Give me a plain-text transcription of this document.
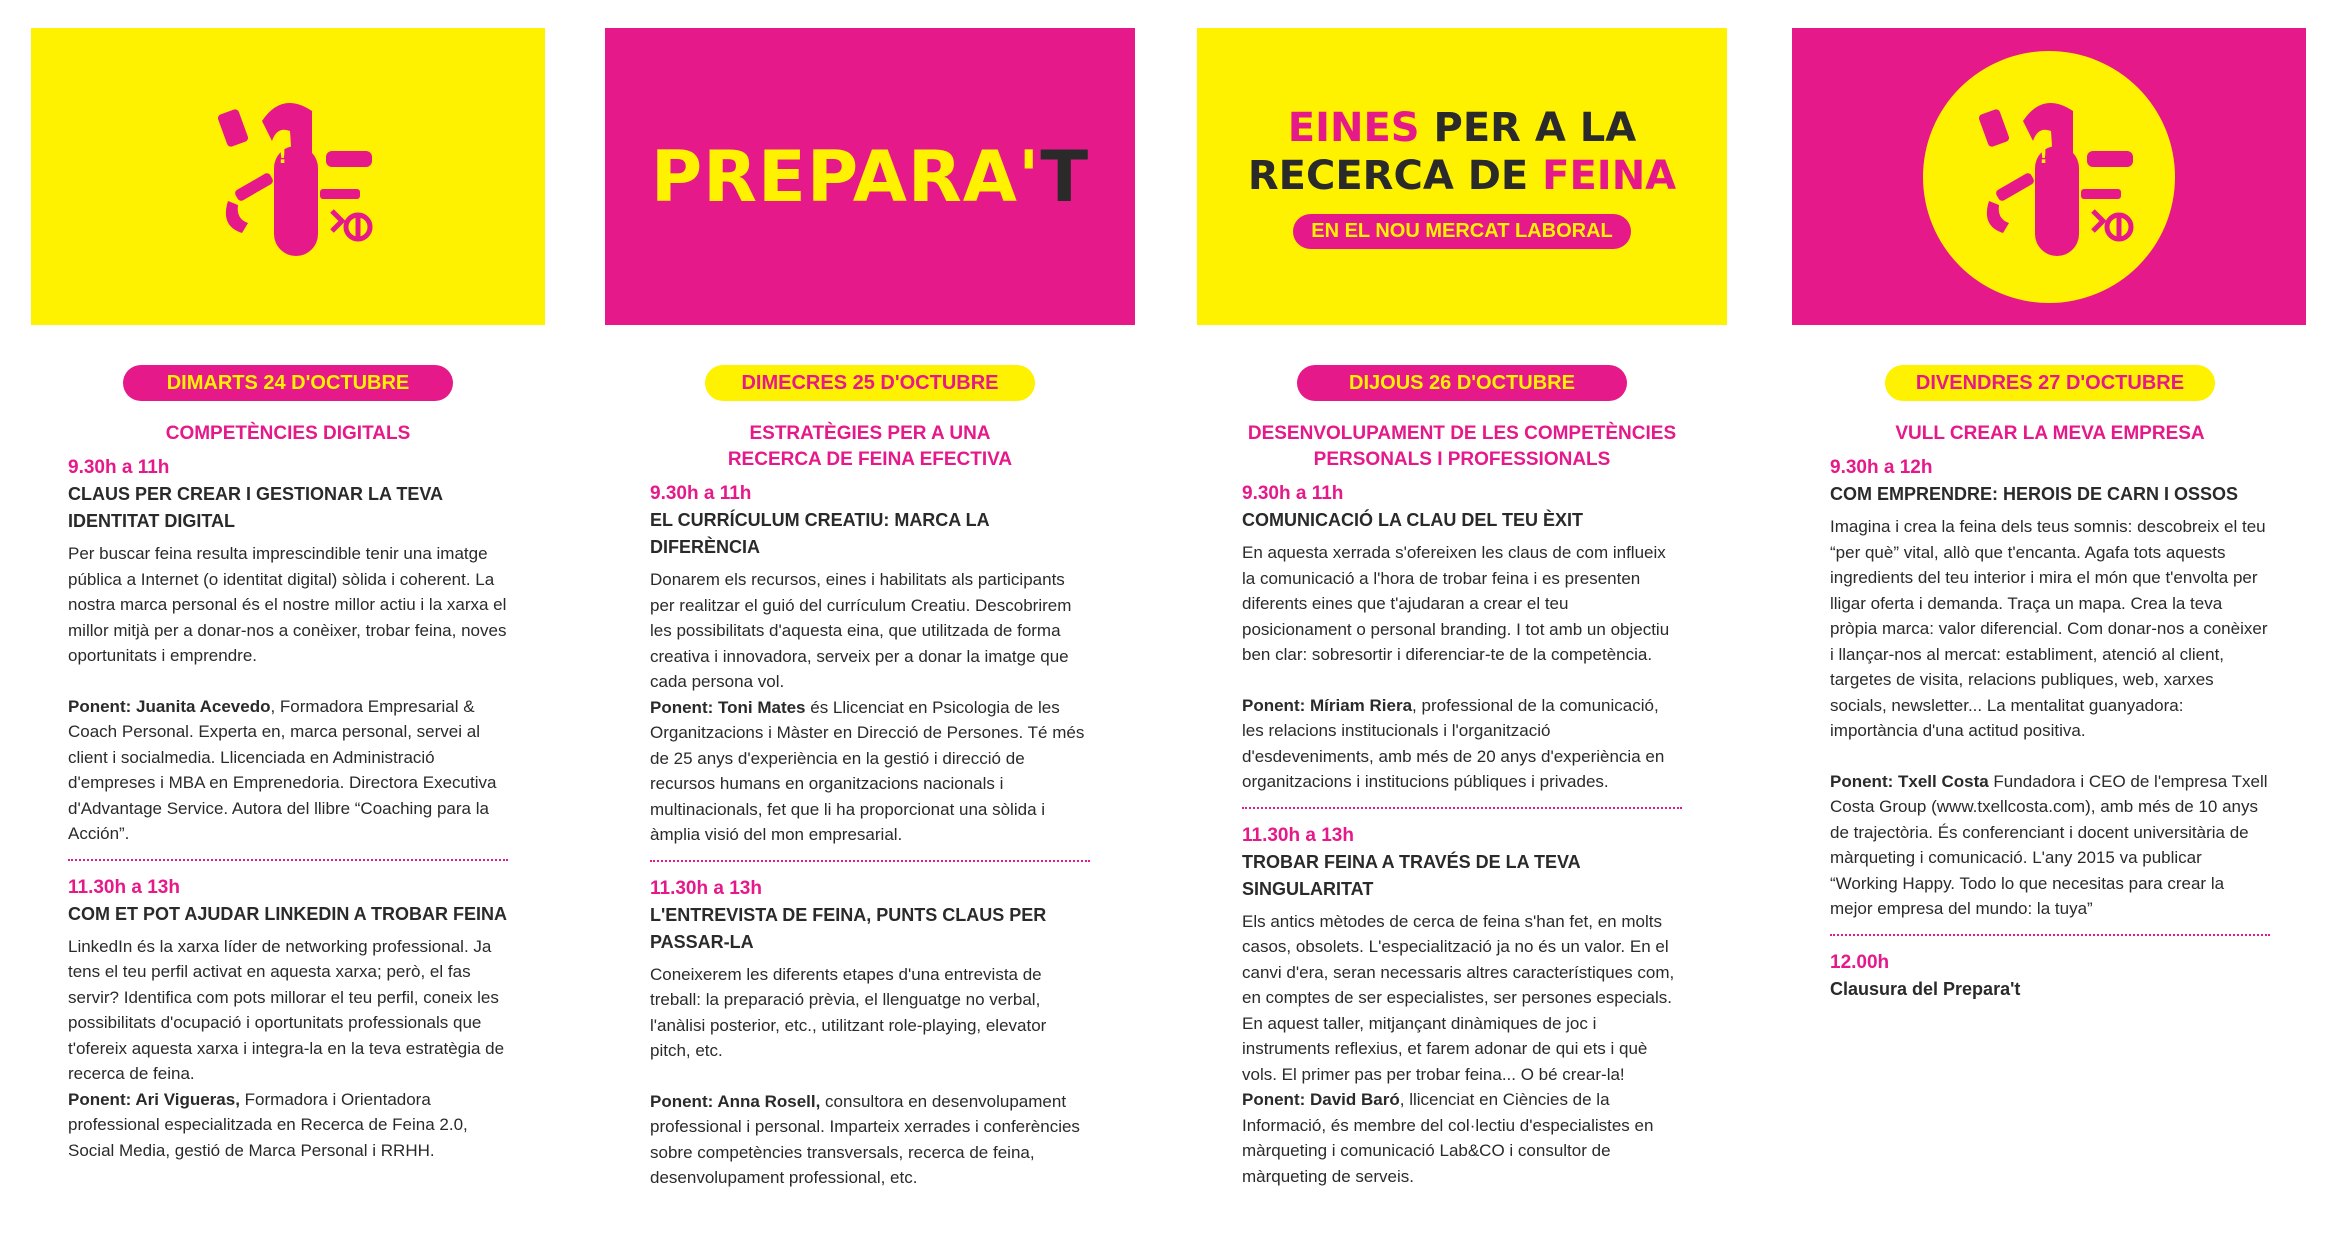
!	PREPARA'T
EINES PER A LA
RECERCA DE FEINA
EN EL NOU MERCAT LABORAL
!
DIMARTS 24 D'OCTUBRE
COMPETÈNCIES DIGITALS
9.30h a 11h
CLAUS PER CREAR I GESTIONAR LA TEVA IDENTITAT DIGITAL
Per buscar feina resulta imprescindible tenir una imatge pública a Internet (o identitat digital) sòlida i coherent. La nostra marca personal és el nostre millor actiu i la xarxa el millor mitjà per a donar-nos a conèixer, trobar feina, noves oportunitats i emprendre.
Ponent: Juanita Acevedo, Formadora Empresarial & Coach Personal. Experta en, marca personal, servei al client i socialmedia. Llicenciada en Administració d'empreses i MBA en Emprenedoria. Directora Executiva d'Advantage Service. Autora del llibre “Coaching para la Acción”.
11.30h a 13h
COM ET POT AJUDAR LINKEDIN A TROBAR FEINA
LinkedIn és la xarxa líder de networking professional. Ja tens el teu perfil activat en aquesta xarxa; però, el fas servir? Identifica com pots millorar el teu perfil, coneix les possibilitats d'ocupació i oportunitats professionals que t'ofereix aquesta xarxa i integra-la en la teva estratègia de recerca de feina.
Ponent: Ari Vigueras, Formadora i Orientadora professional especialitzada en Recerca de Feina 2.0, Social Media, gestió de Marca Personal i RRHH.
DIMECRES 25 D'OCTUBRE
ESTRATÈGIES PER A UNA RECERCA DE FEINA EFECTIVA
9.30h a 11h
EL CURRÍCULUM CREATIU: MARCA LA DIFERÈNCIA
Donarem els recursos, eines i habilitats als participants per realitzar el guió del currículum Creatiu. Descobrirem les possibilitats d'aquesta eina, que utilitzada de forma creativa i innovadora, serveix per a donar la imatge que cada persona vol.
Ponent: Toni Mates és Llicenciat en Psicologia de les Organitzacions i Màster en Direcció de Persones. Té més de 25 anys d'experiència en la gestió i direcció de recursos humans en organitzacions nacionals i multinacionals, fet que li ha proporcionat una sòlida i àmplia visió del mon empresarial.
11.30h a 13h
L'ENTREVISTA DE FEINA, PUNTS CLAUS PER PASSAR-LA
Coneixerem les diferents etapes d'una entrevista de treball: la preparació prèvia, el llenguatge no verbal, l'anàlisi posterior, etc., utilitzant role-playing, elevator pitch, etc.
Ponent: Anna Rosell, consultora en desenvolupament professional i personal. Imparteix xerrades i conferències sobre competències transversals, recerca de feina, desenvolupament professional, etc.
DIJOUS 26 D'OCTUBRE
DESENVOLUPAMENT DE LES COMPETÈNCIES PERSONALS I PROFESSIONALS
9.30h a 11h
COMUNICACIÓ LA CLAU DEL TEU ÈXIT
En aquesta xerrada s'ofereixen les claus de com influeix la comunicació a l'hora de trobar feina i es presenten diferents eines que t'ajudaran a crear el teu posicionament o personal branding. I tot amb un objectiu ben clar: sobresortir i diferenciar-te de la competència.
Ponent: Míriam Riera, professional de la comunicació, les relacions institucionals i l'organització d'esdeveniments, amb més de 20 anys d'experiència en organitzacions i institucions públiques i privades.
11.30h a 13h
TROBAR FEINA A TRAVÉS DE LA TEVA SINGULARITAT
Els antics mètodes de cerca de feina s'han fet, en molts casos, obsolets. L'especialització ja no és un valor. En el canvi d'era, seran necessaris altres característiques com, en comptes de ser especialistes, ser persones especials. En aquest taller, mitjançant dinàmiques de joc i instruments reflexius, et farem adonar de qui ets i què vols. El primer pas per trobar feina... O bé crear-la!
Ponent: David Baró, llicenciat en Ciències de la Informació, és membre del col·lectiu d'especialistes en màrqueting i comunicació Lab&CO i consultor de màrqueting de serveis.
DIVENDRES 27 D'OCTUBRE
VULL CREAR LA MEVA EMPRESA
9.30h a 12h
COM EMPRENDRE: HEROIS DE CARN I OSSOS
Imagina i crea la feina dels teus somnis: descobreix el teu “per què” vital, allò que t'encanta. Agafa tots aquests ingredients del teu interior i mira el món que t'envolta per lligar oferta i demanda. Traça un mapa. Crea la teva pròpia marca: valor diferencial. Com donar-nos a conèixer i llançar-nos al mercat: establiment, atenció al client, targetes de visita, relacions publiques, web, xarxes socials, newsletter... La mentalitat guanyadora: importància d'una actitud positiva.
Ponent: Txell Costa Fundadora i CEO de l'empresa Txell Costa Group (www.txellcosta.com), amb més de 10 anys de trajectòria. És conferenciant i docent universitària de màrqueting i comunicació. L'any 2015 va publicar “Working Happy. Todo lo que necesitas para crear la mejor empresa del mundo: la tuya”
12.00h
Clausura del Prepara't
